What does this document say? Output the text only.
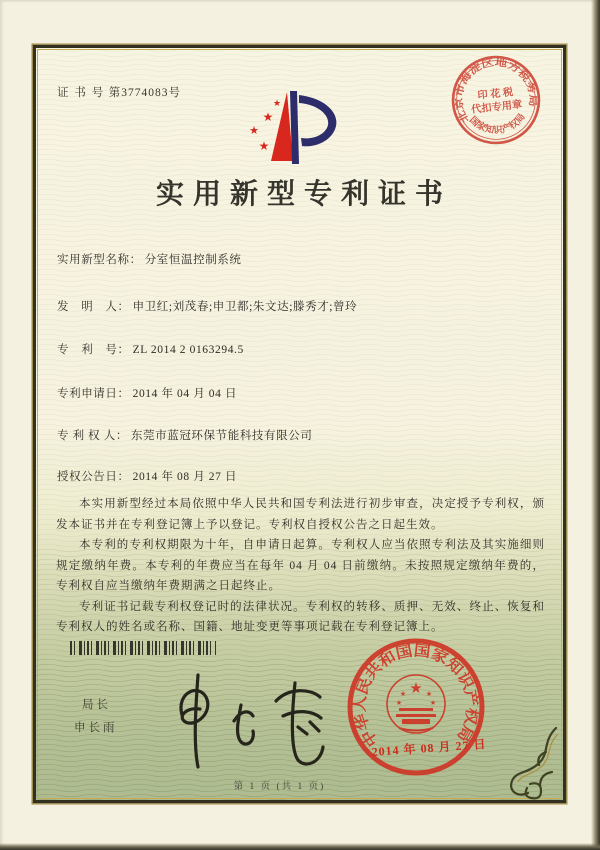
证 书 号 第3774083号
★
★
★
★
★
北京市海淀区地方税务局
印 花 税
代扣专用章
国家知识产权局
实用新型专利证书
实用新型名称： 分室恒温控制系统
发　明　人： 申卫红;刘茂春;申卫都;朱文达;滕秀才;曾玲
专　利　号： ZL 2014 2 0163294.5
专利申请日： 2014 年 04 月 04 日
专 利 权 人： 东莞市蓝冠环保节能科技有限公司
授权公告日： 2014 年 08 月 27 日

本实用新型经过本局依照中华人民共和国专利法进行初步审查，决定授予专利权，颁发本证书并在专利登记簿上予以登记。专利权自授权公告之日起生效。

本专利的专利权期限为十年，自申请日起算。专利权人应当依照专利法及其实施细则规定缴纳年费。本专利的年费应当在每年 04 月 04 日前缴纳。未按照规定缴纳年费的，专利权自应当缴纳年费期满之日起终止。

专利证书记载专利权登记时的法律状况。专利权的转移、质押、无效、终止、恢复和专利权人的姓名或名称、国籍、地址变更等事项记载在专利登记簿上。

局长
申长雨	中华人民共和国国家知识产权局
★
★	★
★	★
2014 年 08 月 27 日
第 1 页 (共 1 页)
